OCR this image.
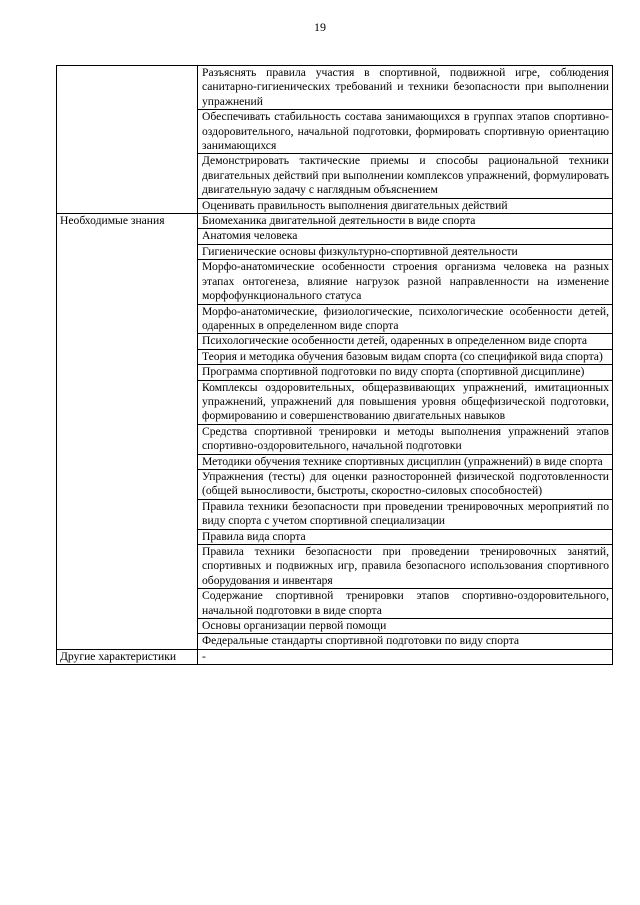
19

	Разъяснять правила участия в спортивной, подвижной игре, соблюдения санитарно-гигиенических требований и техники безопасности при выполнении упражнений

	Обеспечивать стабильность состава занимающихся в группах этапов спортивно-оздоровительного, начальной подготовки, формировать спортивную ориентацию занимающихся

	Демонстрировать тактические приемы и способы рациональной техники двигательных действий при выполнении комплексов упражнений, формулировать двигательную задачу с наглядным объяснением

	Оценивать правильность выполнения двигательных действий

Необходимые знания	Биомеханика двигательной деятельности в виде спорта

	Анатомия человека

	Гигиенические основы физкультурно-спортивной деятельности

	Морфо-анатомические особенности строения организма человека на разных этапах онтогенеза, влияние нагрузок разной направленности на изменение морфофункционального статуса

	Морфо-анатомические, физиологические, психологические особенности детей, одаренных в определенном виде спорта

	Психологические особенности детей, одаренных в определенном виде спорта

	Теория и методика обучения базовым видам спорта (со спецификой вида спорта)

	Программа спортивной подготовки по виду спорта (спортивной дисциплине)

	Комплексы оздоровительных, общеразвивающих упражнений, имитационных упражнений, упражнений для повышения уровня общефизической подготовки, формированию и совершенствованию двигательных навыков

	Средства спортивной тренировки и методы выполнения упражнений этапов спортивно-оздоровительного, начальной подготовки

	Методики обучения технике спортивных дисциплин (упражнений) в виде спорта

	Упражнения (тесты) для оценки разносторонней физической подготовленности (общей выносливости, быстроты, скоростно-силовых способностей)

	Правила техники безопасности при проведении тренировочных мероприятий по виду спорта с учетом спортивной специализации

	Правила вида спорта

	Правила техники безопасности при проведении тренировочных занятий, спортивных и подвижных игр, правила безопасного использования спортивного оборудования и инвентаря

	Содержание спортивной тренировки этапов спортивно-оздоровительного, начальной подготовки в виде спорта

	Основы организации первой помощи

	Федеральные стандарты спортивной подготовки по виду спорта

Другие характеристики	-
